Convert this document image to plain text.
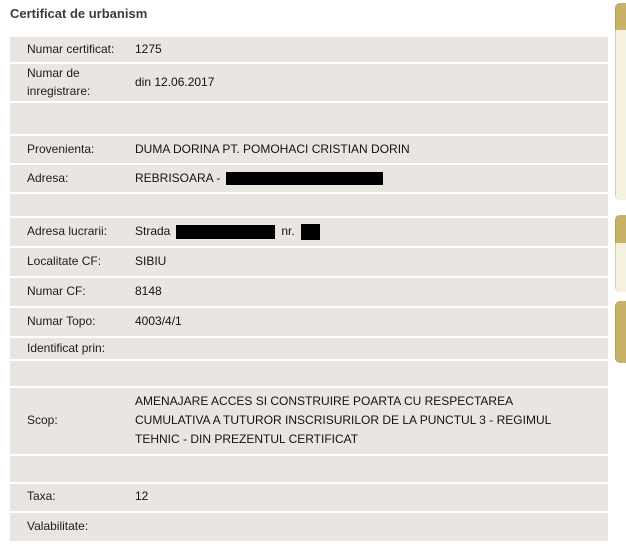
Certificat de urbanism
Numar certificat:	1275
Numar de inregistrare:
din 12.06.2017
Provenienta:	DUMA DORINA PT. POMOHACI CRISTIAN DORIN
Adresa:	REBRISOARA -
Adresa lucrarii:	Strada	nr.
Localitate CF:	SIBIU
Numar CF:	8148
Numar Topo:	4003/4/1
Identificat prin:
Scop:
AMENAJARE ACCES SI CONSTRUIRE POARTA CU RESPECTAREA CUMULATIVA A TUTUROR INSCRISURILOR DE LA PUNCTUL 3 - REGIMUL TEHNIC - DIN PREZENTUL CERTIFICAT
Taxa:	12
Valabilitate:
